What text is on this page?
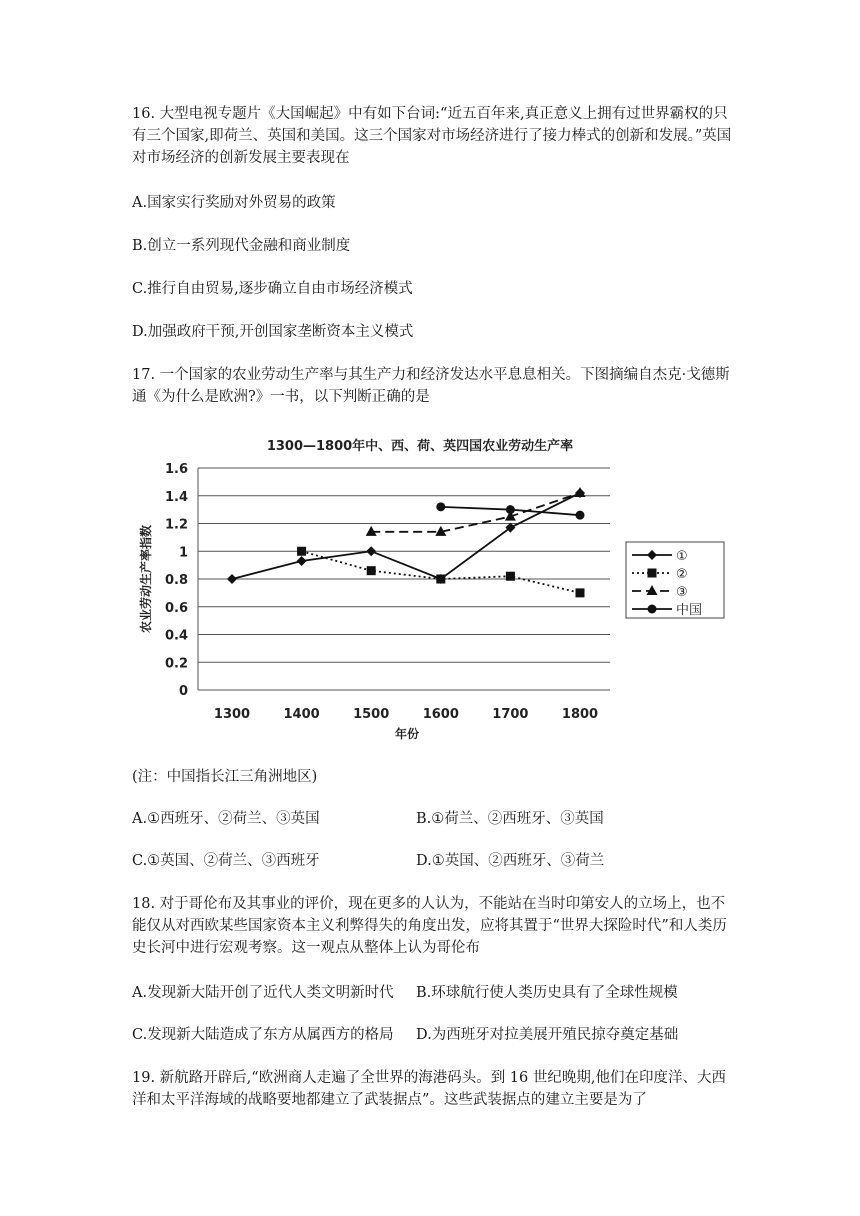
16. 大型电视专题片《大国崛起》中有如下台词:“近五百年来,真正意义上拥有过世界霸权的只有三个国家,即荷兰、英国和美国。这三个国家对市场经济进行了接力棒式的创新和发展。”英国对市场经济的创新发展主要表现在
A.国家实行奖励对外贸易的政策
B.创立一系列现代金融和商业制度
C.推行自由贸易,逐步确立自由市场经济模式
D.加强政府干预,开创国家垄断资本主义模式
17. 一个国家的农业劳动生产率与其生产力和经济发达水平息息相关。下图摘编自杰克·戈德斯通《为什么是欧洲?》一书，以下判断正确的是
1300—1800年中、西、荷、英四国农业劳动生产率
0
0.2
0.4
0.6
0.8
1
1.2
1.4
1.6
1300	1400	1500	1600	1700	1800
农业劳动生产率指数
年份
①
②
③
中国
(注：中国指长江三角洲地区)
A.①西班牙、②荷兰、③英国	B.①荷兰、②西班牙、③英国
C.①英国、②荷兰、③西班牙	D.①英国、②西班牙、③荷兰
18. 对于哥伦布及其事业的评价，现在更多的人认为，不能站在当时印第安人的立场上，也不能仅从对西欧某些国家资本主义利弊得失的角度出发，应将其置于“世界大探险时代”和人类历史长河中进行宏观考察。这一观点从整体上认为哥伦布
A.发现新大陆开创了近代人类文明新时代 B.环球航行使人类历史具有了全球性规模
C.发现新大陆造成了东方从属西方的格局 D.为西班牙对拉美展开殖民掠夺奠定基础
19. 新航路开辟后,“欧洲商人走遍了全世界的海港码头。到 16 世纪晚期,他们在印度洋、大西洋和太平洋海域的战略要地都建立了武装据点”。这些武装据点的建立主要是为了
